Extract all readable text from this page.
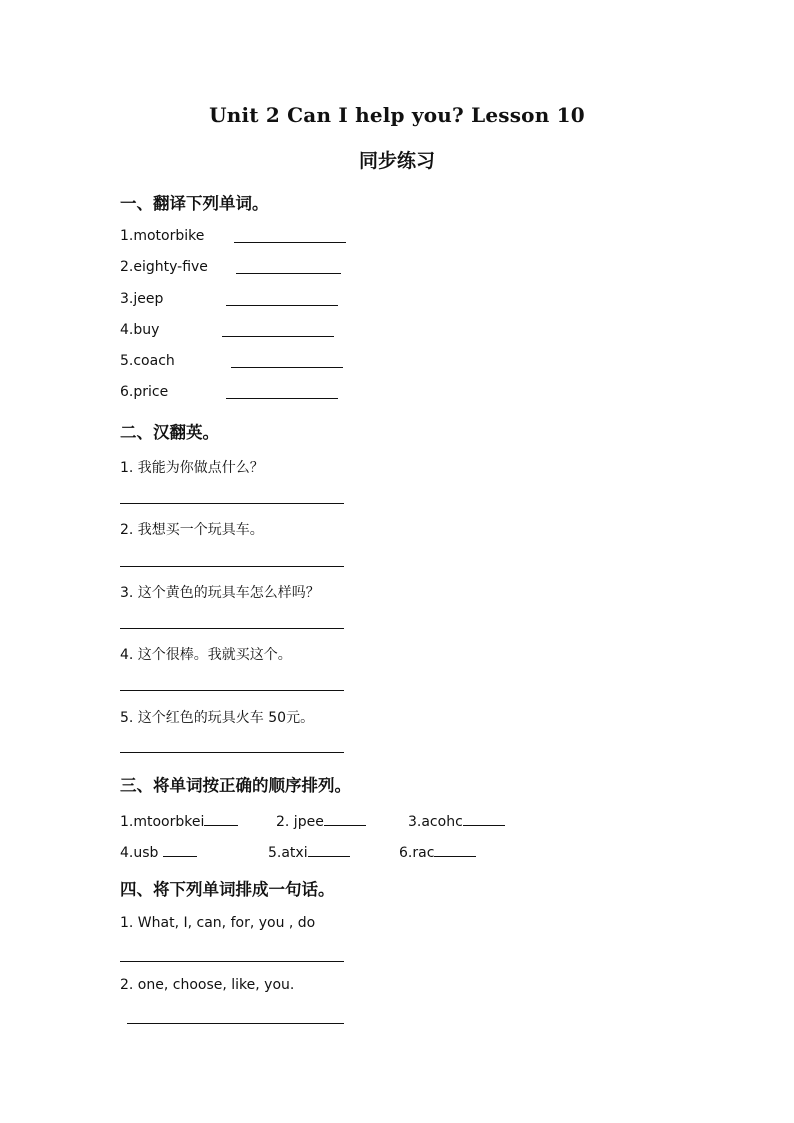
Unit 2 Can I help you? Lesson 10
同步练习
一、翻译下列单词。
1.motorbike
2.eighty-five
3.jeep
4.buy
5.coach
6.price
二、汉翻英。
1. 我能为你做点什么？
2. 我想买一个玩具车。
3. 这个黄色的玩具车怎么样吗？
4. 这个很棒。我就买这个。
5. 这个红色的玩具火车 50元。
三、将单词按正确的顺序排列。
1.mtoorbkei	2. jpee	3.acohc
4.usb	5.atxi	6.rac
四、将下列单词排成一句话。
1. What, I, can, for, you , do
2. one, choose, like, you.
